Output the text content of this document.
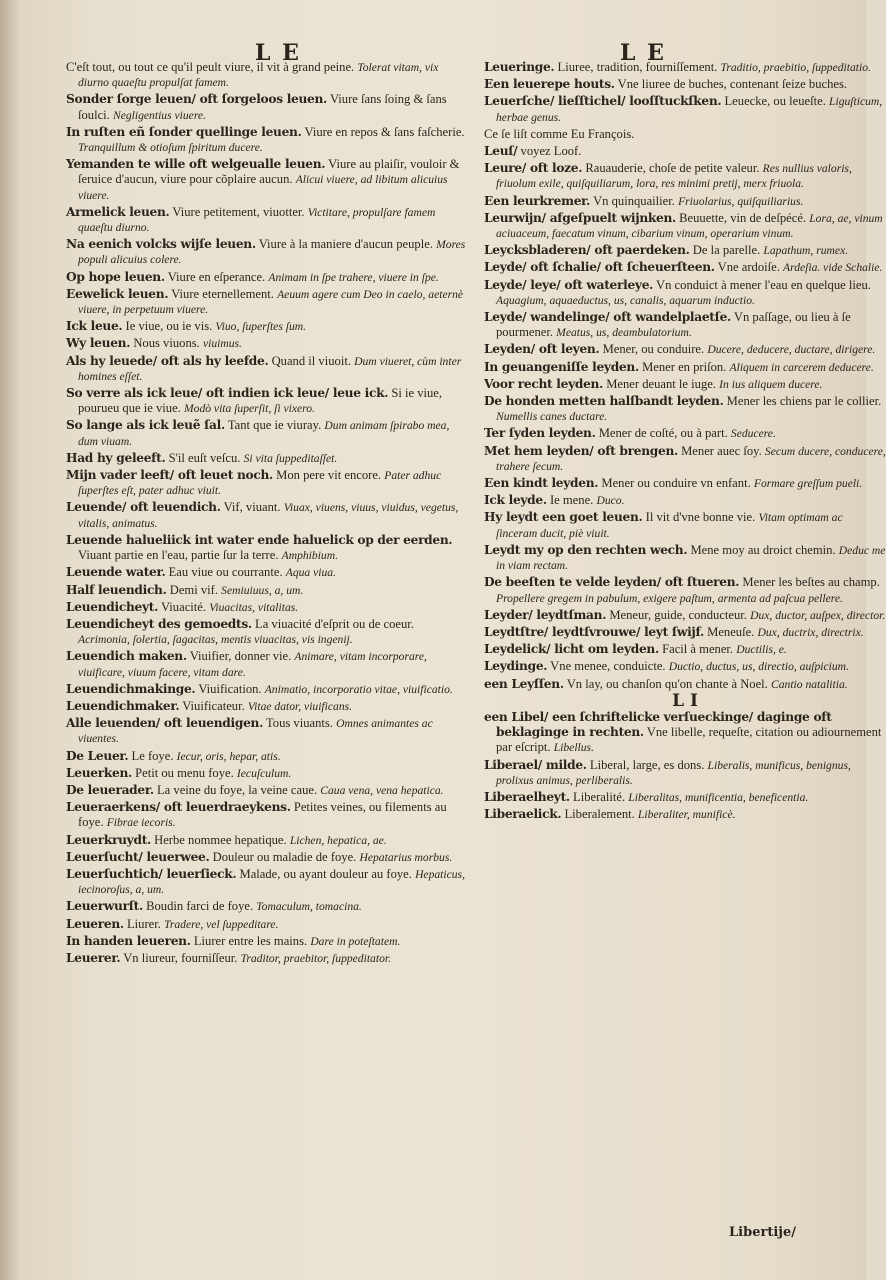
L E	L E

C'eſt tout, ou tout ce qu'il peult viure, il vit à grand peine. Tolerat vitam, vix diurno quaeſtu propulſat famem.

Sonder ſorge leuen/ oft ſorgeloos leuen. Viure ſans ſoing & ſans ſoulci. Negligentius viuere.

In ruſten eñ ſonder quellinge leuen. Viure en repos & ſans faſcherie. Tranquillum & otioſum ſpiritum ducere.

Yemanden te wille oft welgeualle leuen. Viure au plaiſir, vouloir & ſeruice d'aucun, viure pour cõplaire aucun. Alicui viuere, ad libitum alicuius viuere.

Armelick leuen. Viure petitement, viuotter. Victitare, propulſare famem quaeſtu diurno.

Na eenich volcks wijſe leuen. Viure à la maniere d'aucun peuple. Mores populi alicuius colere.

Op hope leuen. Viure en eſperance. Animam in ſpe trahere, viuere in ſpe.

Eewelick leuen. Viure eternellement. Aeuum agere cum Deo in caelo, aeternè viuere, in perpetuum viuere.

Ick leue. Ie viue, ou ie vis. Viuo, ſuperſtes ſum.

Wy leuen. Nous viuons. viuimus.

Als hy leuede/ oft als hy leefde. Quand il viuoit. Dum viueret, cùm inter homines eſſet.

So verre als ick leue/ oft indien ick leue/ leue ick. Si ie viue, pourueu que ie viue. Modò vita ſuperſit, ſi vixero.

So lange als ick leuẽ ſal. Tant que ie viuray. Dum animam ſpirabo mea, dum viuam.

Had hy geleeft. S'il euſt veſcu. Si vita ſuppeditaſſet.

Mijn vader leeft/ oft leuet noch. Mon pere vit encore. Pater adhuc ſuperſtes eſt, pater adhuc viuit.

Leuende/ oft leuendich. Vif, viuant. Viuax, viuens, viuus, viuidus, vegetus, vitalis, animatus.

Leuende halueliick int water ende haluelick op der eerden. Viuant partie en l'eau, partie ſur la terre. Amphibium.

Leuende water. Eau viue ou courrante. Aqua viua.

Half leuendich. Demi vif. Semiuiuus, a, um.

Leuendicheyt. Viuacité. Viuacitas, vitalitas.

Leuendicheyt des gemoedts. La viuacité d'eſprit ou de coeur. Acrimonia, ſolertia, ſagacitas, mentis viuacitas, vis ingenij.

Leuendich maken. Viuifier, donner vie. Animare, vitam incorporare, viuificare, viuum facere, vitam dare.

Leuendichmakinge. Viuification. Animatio, incorporatio vitae, viuificatio.

Leuendichmaker. Viuificateur. Vitae dator, viuificans.

Alle leuenden/ oft leuendigen. Tous viuants. Omnes animantes ac viuentes.

De Leuer. Le foye. Iecur, oris, hepar, atis.

Leuerken. Petit ou menu foye. Iecuſculum.

De leuerader. La veine du foye, la veine caue. Caua vena, vena hepatica.

Leueraerkens/ oft leuerdraeykens. Petites veines, ou filements au foye. Fibrae iecoris.

Leuerkruydt. Herbe nommee hepatique. Lichen, hepatica, ae.

Leuerſucht/ leuerwee. Douleur ou maladie de foye. Hepatarius morbus.

Leuerſuchtich/ leuerſieck. Malade, ou ayant douleur au foye. Hepaticus, iecinoroſus, a, um.

Leuerwurſt. Boudin farci de foye. Tomaculum, tomacina.

Leueren. Liurer. Tradere, vel ſuppeditare.

In handen leueren. Liurer entre les mains. Dare in poteſtatem.

Leuerer. Vn liureur, fourniſſeur. Traditor, praebitor, ſuppeditator.

Leueringe. Liuree, tradition, fourniſſement. Traditio, praebitio, ſuppeditatio.

Een leuerepe houts. Vne liuree de buches, contenant ſeize buches.

Leuerſche/ lieſſtichel/ looſſtuckſken. Leuecke, ou leueſte. Liguſticum, herbae genus.

Ce ſe liſt comme Eu François.

Leuſ/ voyez Loof.

Leure/ oft loze. Rauauderie, choſe de petite valeur. Res nullius valoris, friuolum exile, quiſquiliarum, lora, res minimi pretij, merx friuola.

Een leurkremer. Vn quinquailier. Friuolarius, quiſquiliarius.

Leurwijn/ afgeſpuelt wijnken. Beuuette, vin de deſpécé. Lora, ae, vinum aciuaceum, faecatum vinum, cibarium vinum, operarium vinum.

Leycksbladeren/ oft paerdeken. De la parelle. Lapathum, rumex.

Leyde/ oft ſchalie/ oft ſcheuerſteen. Vne ardoiſe. Ardeſia. vide Schalie.

Leyde/ leye/ oft waterleye. Vn conduict à mener l'eau en quelque lieu. Aquagium, aquaeductus, us, canalis, aquarum inductio.

Leyde/ wandelinge/ oft wandelplaetſe. Vn paſſage, ou lieu à ſe pourmener. Meatus, us, deambulatorium.

Leyden/ oft leyen. Mener, ou conduire. Ducere, deducere, ductare, dirigere.

In geuangeniſſe leyden. Mener en priſon. Aliquem in carcerem deducere.

Voor recht leyden. Mener deuant le iuge. In ius aliquem ducere.

De honden metten halſbandt leyden. Mener les chiens par le collier. Numellis canes ductare.

Ter ſyden leyden. Mener de coſté, ou à part. Seducere.

Met hem leyden/ oft brengen. Mener auec ſoy. Secum ducere, conducere, trahere ſecum.

Een kindt leyden. Mener ou conduire vn enfant. Formare greſſum pueli.

Ick leyde. Ie mene. Duco.

Hy leydt een goet leuen. Il vit d'vne bonne vie. Vitam optimam ac ſinceram ducit, piè viuit.

Leydt my op den rechten wech. Mene moy au droict chemin. Deduc me in viam rectam.

De beeſten te velde leyden/ oft ſtueren. Mener les beſtes au champ. Propellere gregem in pabulum, exigere paſtum, armenta ad paſcua pellere.

Leyder/ leydtſman. Meneur, guide, conducteur. Dux, ductor, auſpex, director.

Leydtſtre/ leydtſvrouwe/ leyt ſwijf. Meneuſe. Dux, ductrix, directrix.

Leydelick/ licht om leyden. Facil à mener. Ductilis, e.

Leydinge. Vne menee, conduicte. Ductio, ductus, us, directio, auſpicium.

een Leyſſen. Vn lay, ou chanſon qu'on chante à Noel. Cantio natalitia.

L I

een Libel/ een ſchriftelicke verſueckinge/ daginge oft beklaginge in rechten. Vne libelle, requeſte, citation ou adiournement par eſcript. Libellus.

Liberael/ milde. Liberal, large, es dons. Liberalis, munificus, benignus, prolixus animus, perliberalis.

Liberaelheyt. Liberalité. Liberalitas, munificentia, beneficentia.

Liberaelick. Liberalement. Liberaliter, munificè.

Libertije/
